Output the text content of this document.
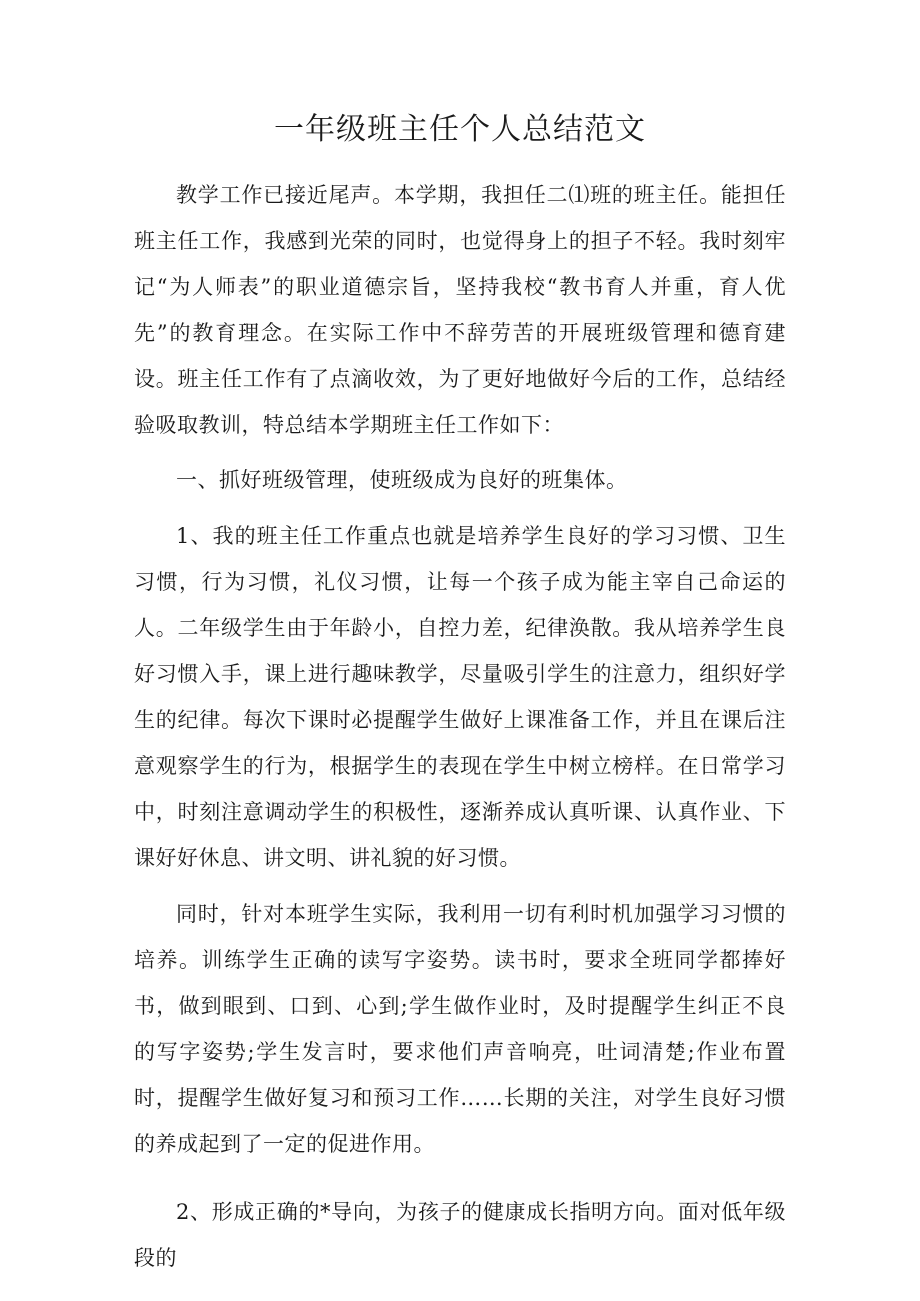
一年级班主任个人总结范文

教学工作已接近尾声。本学期，我担任二⑴班的班主任。能担任班主任工作，我感到光荣的同时，也觉得身上的担子不轻。我时刻牢记“为人师表”的职业道德宗旨，坚持我校“教书育人并重，育人优先”的教育理念。在实际工作中不辞劳苦的开展班级管理和德育建设。班主任工作有了点滴收效，为了更好地做好今后的工作，总结经验吸取教训，特总结本学期班主任工作如下：

一、抓好班级管理，使班级成为良好的班集体。

1、我的班主任工作重点也就是培养学生良好的学习习惯、卫生习惯，行为习惯，礼仪习惯，让每一个孩子成为能主宰自己命运的人。二年级学生由于年龄小，自控力差，纪律涣散。我从培养学生良好习惯入手，课上进行趣味教学，尽量吸引学生的注意力，组织好学生的纪律。每次下课时必提醒学生做好上课准备工作，并且在课后注意观察学生的行为，根据学生的表现在学生中树立榜样。在日常学习中，时刻注意调动学生的积极性，逐渐养成认真听课、认真作业、下课好好休息、讲文明、讲礼貌的好习惯。

同时，针对本班学生实际，我利用一切有利时机加强学习习惯的培养。训练学生正确的读写字姿势。读书时，要求全班同学都捧好书，做到眼到、口到、心到;学生做作业时，及时提醒学生纠正不良的写字姿势;学生发言时，要求他们声音响亮，吐词清楚;作业布置时，提醒学生做好复习和预习工作……长期的关注，对学生良好习惯的养成起到了一定的促进作用。

2、形成正确的*导向，为孩子的健康成长指明方向。面对低年级段的
